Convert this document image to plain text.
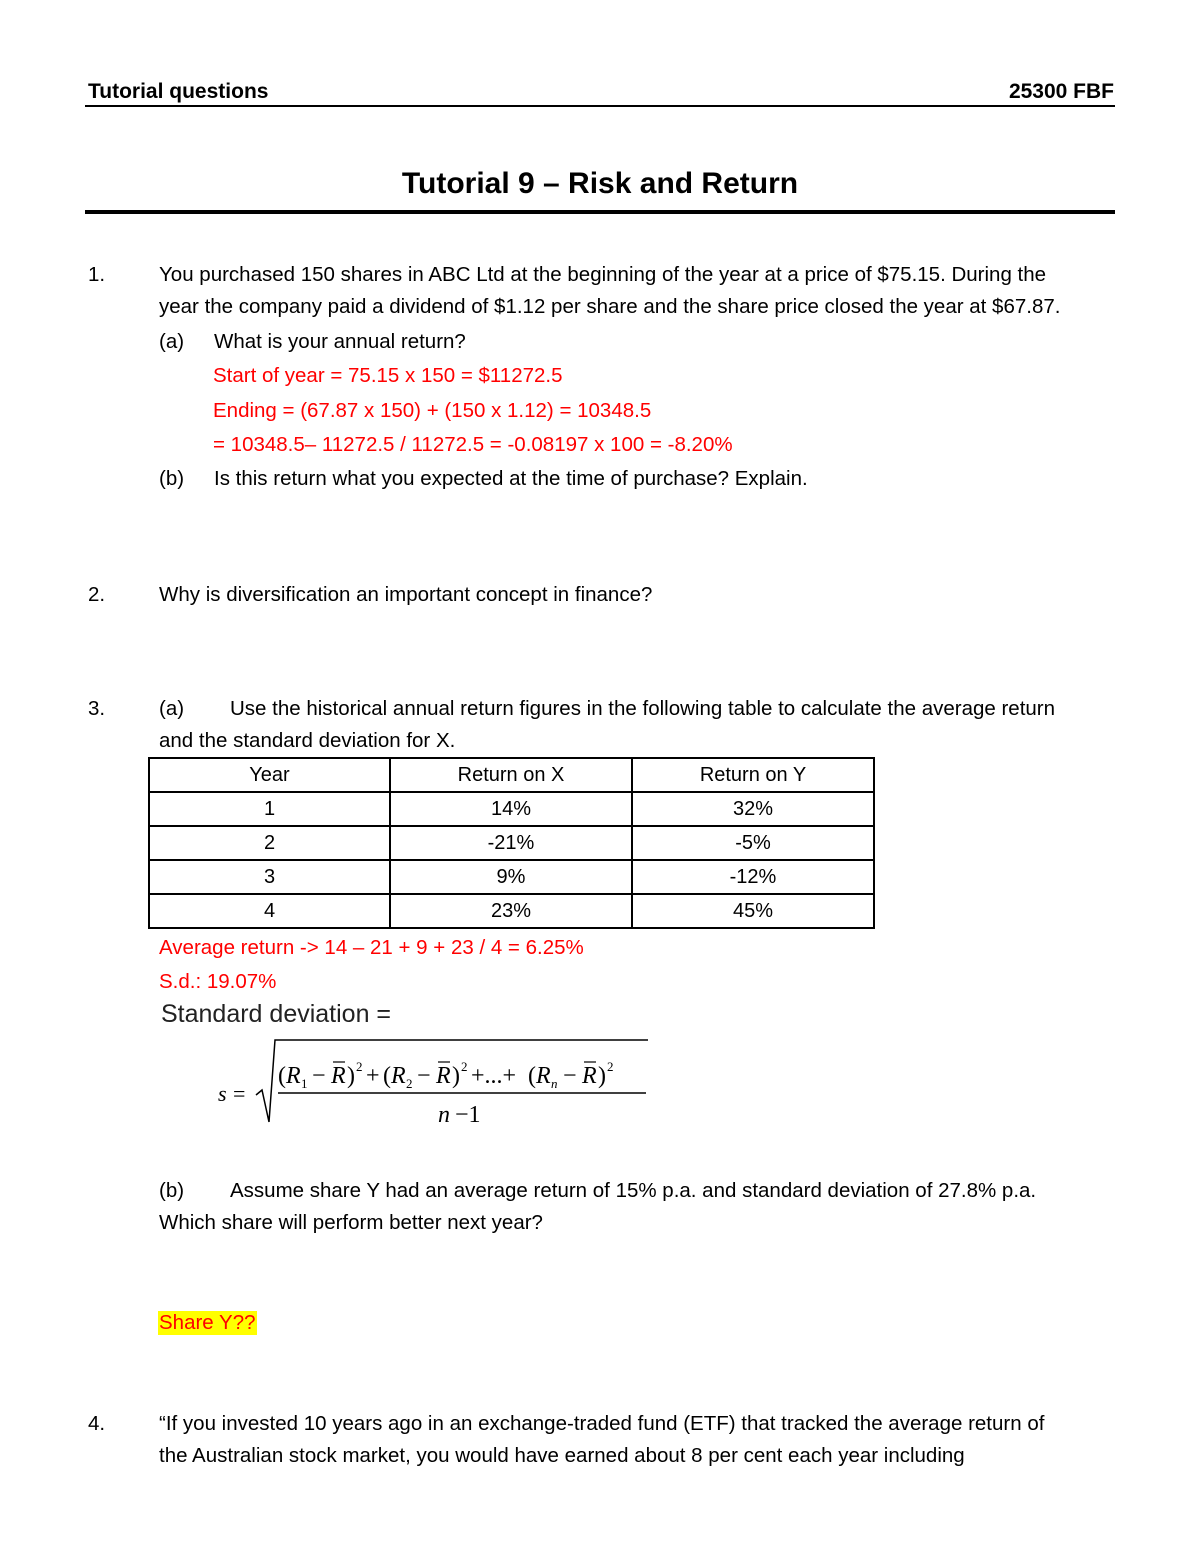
Tutorial questions	25300 FBF
Tutorial 9 – Risk and Return
1.	You purchased 150 shares in ABC Ltd at the beginning of the year at a price of $75.15. During the
year the company paid a dividend of $1.12 per share and the share price closed the year at $67.87.
(a) What is your annual return?
Start of year = 75.15 x 150 = $11272.5
Ending = (67.87 x 150) + (150 x 1.12) = 10348.5
= 10348.5– 11272.5 / 11272.5 = -0.08197 x 100 = -8.20%
(b) Is this return what you expected at the time of purchase? Explain.
2.	Why is diversification an important concept in finance?
3.	(a) Use the historical annual return figures in the following table to calculate the average return
and the standard deviation for X.
Year	Return on X	Return on Y
1	14%	32%
2	-21%	-5%
3	9%	-12%
4	23%	45%
Average return -> 14 – 21 + 9 + 23 / 4 = 6.25%
S.d.: 19.07%
Standard deviation =
s =
( R 1 − R ) 2 + ( R 2 − R ) 2 +...+ ( R n − R ) 2
n −1
(b) Assume share Y had an average return of 15% p.a. and standard deviation of 27.8% p.a.
Which share will perform better next year?
Share Y??
4.	“If you invested 10 years ago in an exchange-traded fund (ETF) that tracked the average return of
the Australian stock market, you would have earned about 8 per cent each year including
